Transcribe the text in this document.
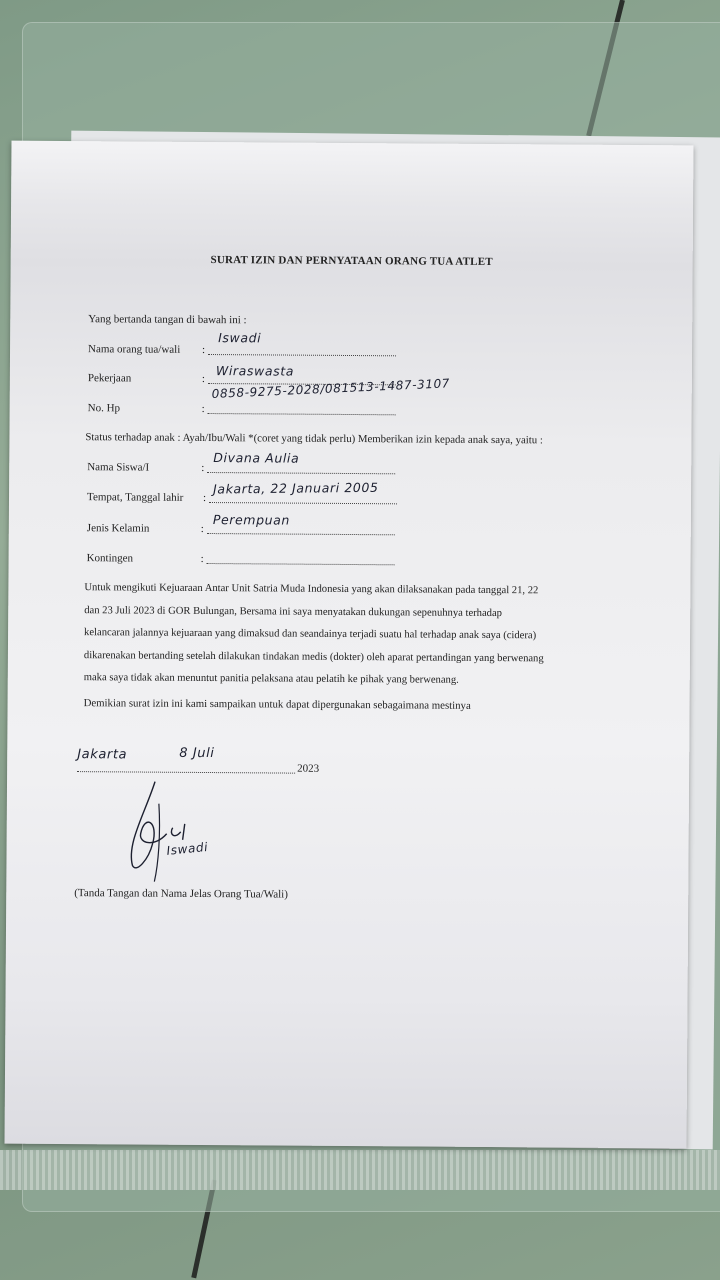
SURAT IZIN DAN PERNYATAAN ORANG TUA ATLET
Yang bertanda tangan di bawah ini :
Nama orang tua/wali :
Iswadi
Pekerjaan	:
Wiraswasta
No. Hp	:
0858-9275-2028/081513-1487-3107
Status terhadap anak : Ayah/Ibu/Wali *(coret yang tidak perlu) Memberikan izin kepada anak saya, yaitu :
Nama Siswa/I	:
Divana Aulia
Tempat, Tanggal lahir :
Jakarta, 22 Januari 2005
Jenis Kelamin	:
Perempuan
Kontingen	:
Untuk mengikuti Kejuaraan Antar Unit Satria Muda Indonesia yang akan dilaksanakan pada tanggal 21, 22
dan 23 Juli 2023 di GOR Bulungan, Bersama ini saya menyatakan dukungan sepenuhnya terhadap
kelancaran jalannya kejuaraan yang dimaksud dan seandainya terjadi suatu hal terhadap anak saya (cidera)
dikarenakan bertanding setelah dilakukan tindakan medis (dokter) oleh aparat pertandingan yang berwenang
maka saya tidak akan menuntut panitia pelaksana atau pelatih ke pihak yang berwenang.
Demikian surat izin ini kami sampaikan untuk dapat dipergunakan sebagaimana mestinya
Jakarta	8 Juli
2023
Iswadi
(Tanda Tangan dan Nama Jelas Orang Tua/Wali)
